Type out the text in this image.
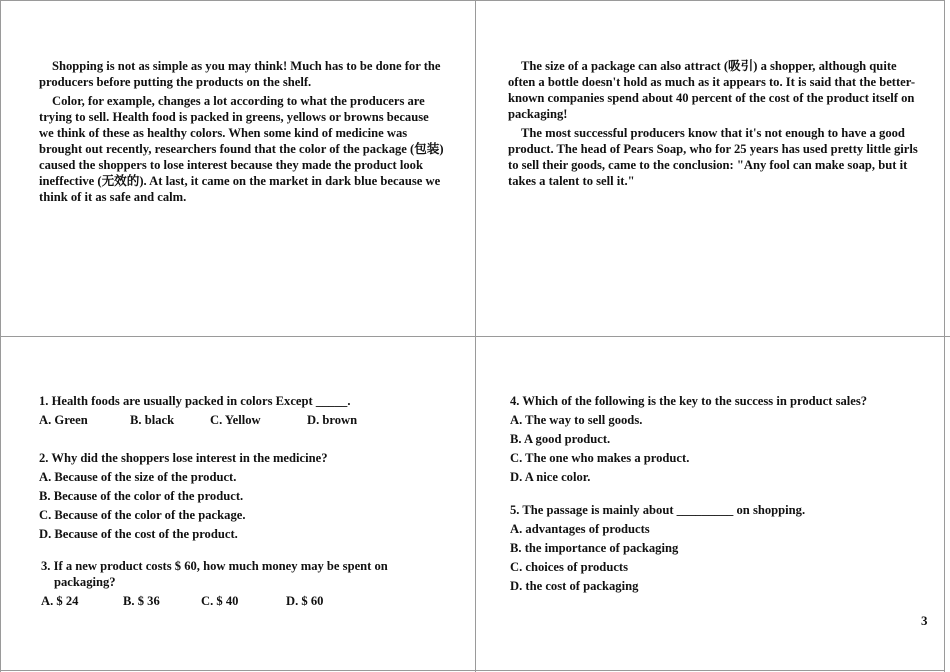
Shopping is not as simple as you may think! Much has to be done for the producers before putting the products on the shelf.

Color, for example, changes a lot according to what the producers are trying to sell. Health food is packed in greens, yellows or browns because we think of these as healthy colors. When some kind of medicine was brought out recently, researchers found that the color of the package (包装) caused the shoppers to lose interest because they made the product look ineffective (无效的). At last, it came on the market in dark blue because we think of it as safe and calm.

The size of a package can also attract (吸引) a shopper, although quite often a bottle doesn't hold as much as it appears to. It is said that the better-known companies spend about 40 percent of the cost of the product itself on packaging!

The most successful producers know that it's not enough to have a good product. The head of Pears Soap, who for 25 years has used pretty little girls to sell their goods, came to the conclusion: "Any fool can make soap, but it takes a talent to sell it."

1. Health foods are usually packed in colors Except _____.
A. Green	B. black	C. Yellow	D. brown
2. Why did the shoppers lose interest in the medicine?
A. Because of the size of the product.
B. Because of the color of the product.
C. Because of the color of the package.
D. Because of the cost of the product.
3. If a new product costs $ 60, how much money may be spent on
packaging?
A. $ 24	B. $ 36	C. $ 40	D. $ 60
4. Which of the following is the key to the success in product sales?
A. The way to sell goods.
B. A good product.
C. The one who makes a product.
D. A nice color.
5. The passage is mainly about _________ on shopping.
A. advantages of products
B. the importance of packaging
C. choices of products
D. the cost of packaging
3
